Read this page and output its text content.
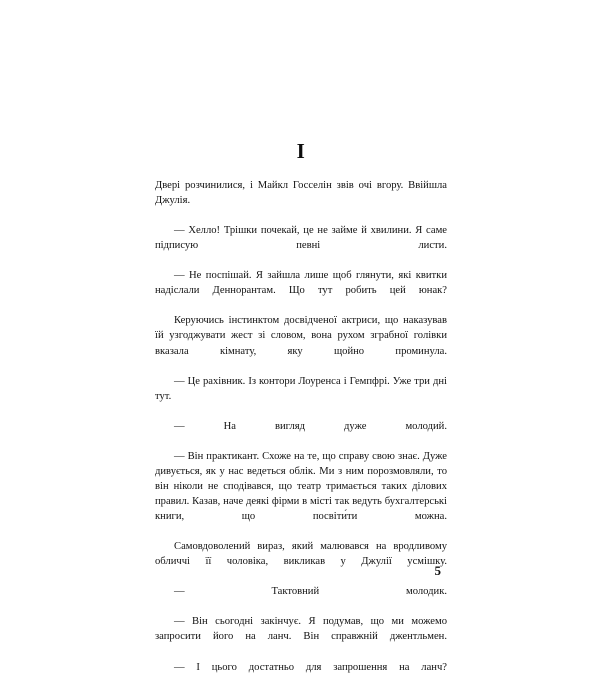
I

Двері розчинилися, і Майкл Госселін звів очі вгору. Ввійшла Джулія.

— Хелло! Трішки почекай, це не займе й хвилини. Я саме підписую певні листи.

— Не поспішай. Я зайшла лише щоб глянути, які квитки надіслали Деннорантам. Що тут робить цей юнак?

Керуючись інстинктом досвідченої актриси, що наказував їй узгоджувати жест зі словом, вона рухом зграбної голівки вказала кімнату, яку щойно проминула.

— Це рахівник. Із контори Лоуренса і Гемпфрі. Уже три дні тут.

— На вигляд дуже молодий.

— Він практикант. Схоже на те, що справу свою знає. Дуже дивується, як у нас ведеться облік. Ми з ним порозмовляли, то він ніколи не сподівався, що театр тримається таких ділових правил. Казав, наче деякі фірми в місті так ведуть бухгалтерські книги, що посвіти́ти можна.

Самовдоволений вираз, який малювався на вродливому обличчі її чоловіка, викликав у Джулії усмішку.

— Тактовний молодик.

— Він сьогодні закінчує. Я подумав, що ми можемо запросити його на ланч. Він справжній джентльмен.

— І цього достатньо для запрошення на ланч?

5
